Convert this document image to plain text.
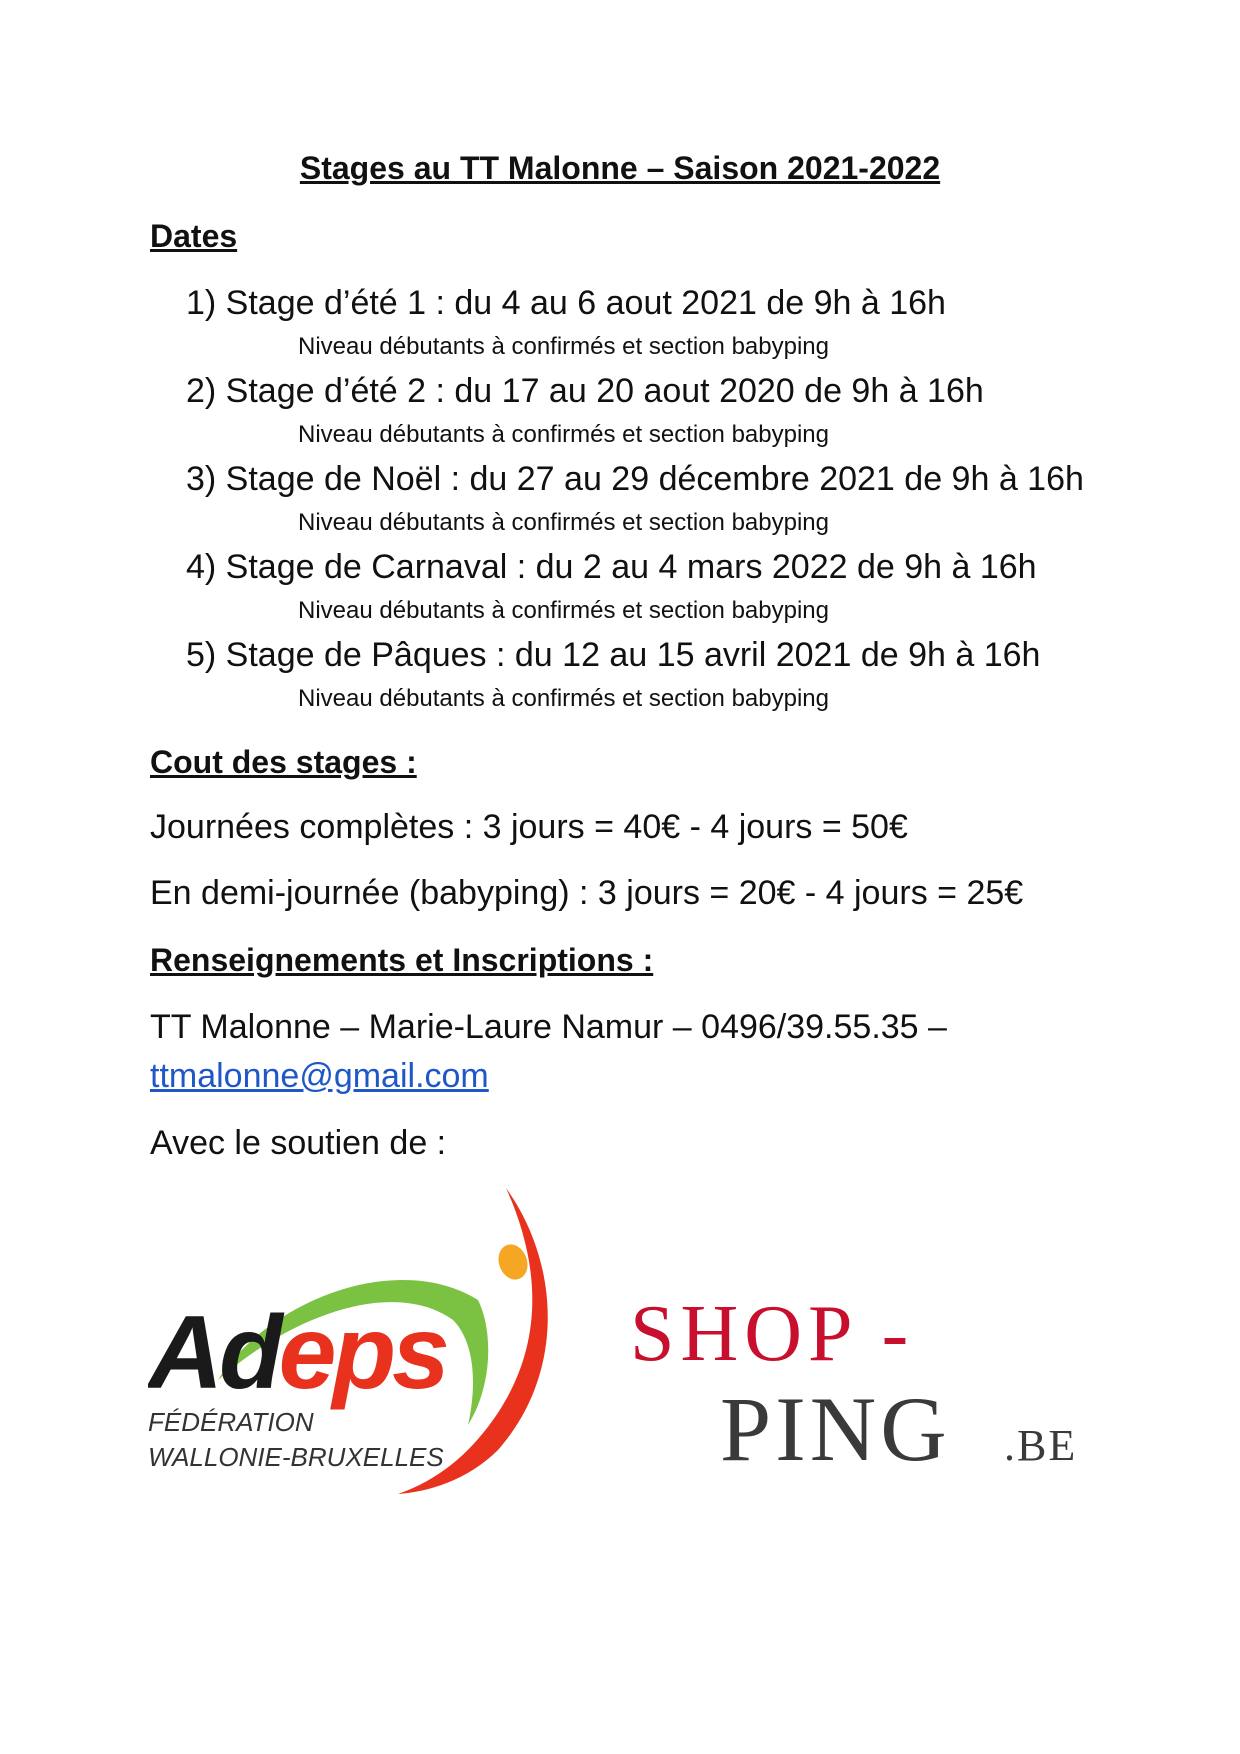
Stages au TT Malonne – Saison 2021-2022
Dates
1) Stage d’été 1 : du 4 au 6 aout 2021 de 9h à 16h
Niveau débutants à confirmés et section babyping
2) Stage d’été 2 : du 17 au 20 aout 2020 de 9h à 16h
Niveau débutants à confirmés et section babyping
3) Stage de Noël : du 27 au 29 décembre 2021 de 9h à 16h
Niveau débutants à confirmés et section babyping
4) Stage de Carnaval : du 2 au 4 mars 2022 de 9h à 16h
Niveau débutants à confirmés et section babyping
5) Stage de Pâques : du 12 au 15 avril 2021 de 9h à 16h
Niveau débutants à confirmés et section babyping
Cout des stages :
Journées complètes : 3 jours = 40€ - 4 jours = 50€
En demi-journée (babyping) : 3 jours = 20€ - 4 jours = 25€
Renseignements et Inscriptions :
TT Malonne – Marie-Laure Namur – 0496/39.55.35 –
ttmalonne@gmail.com
Avec le soutien de :
Adeps
FÉDÉRATION
WALLONIE-BRUXELLES
SHOP -
PING .BE
